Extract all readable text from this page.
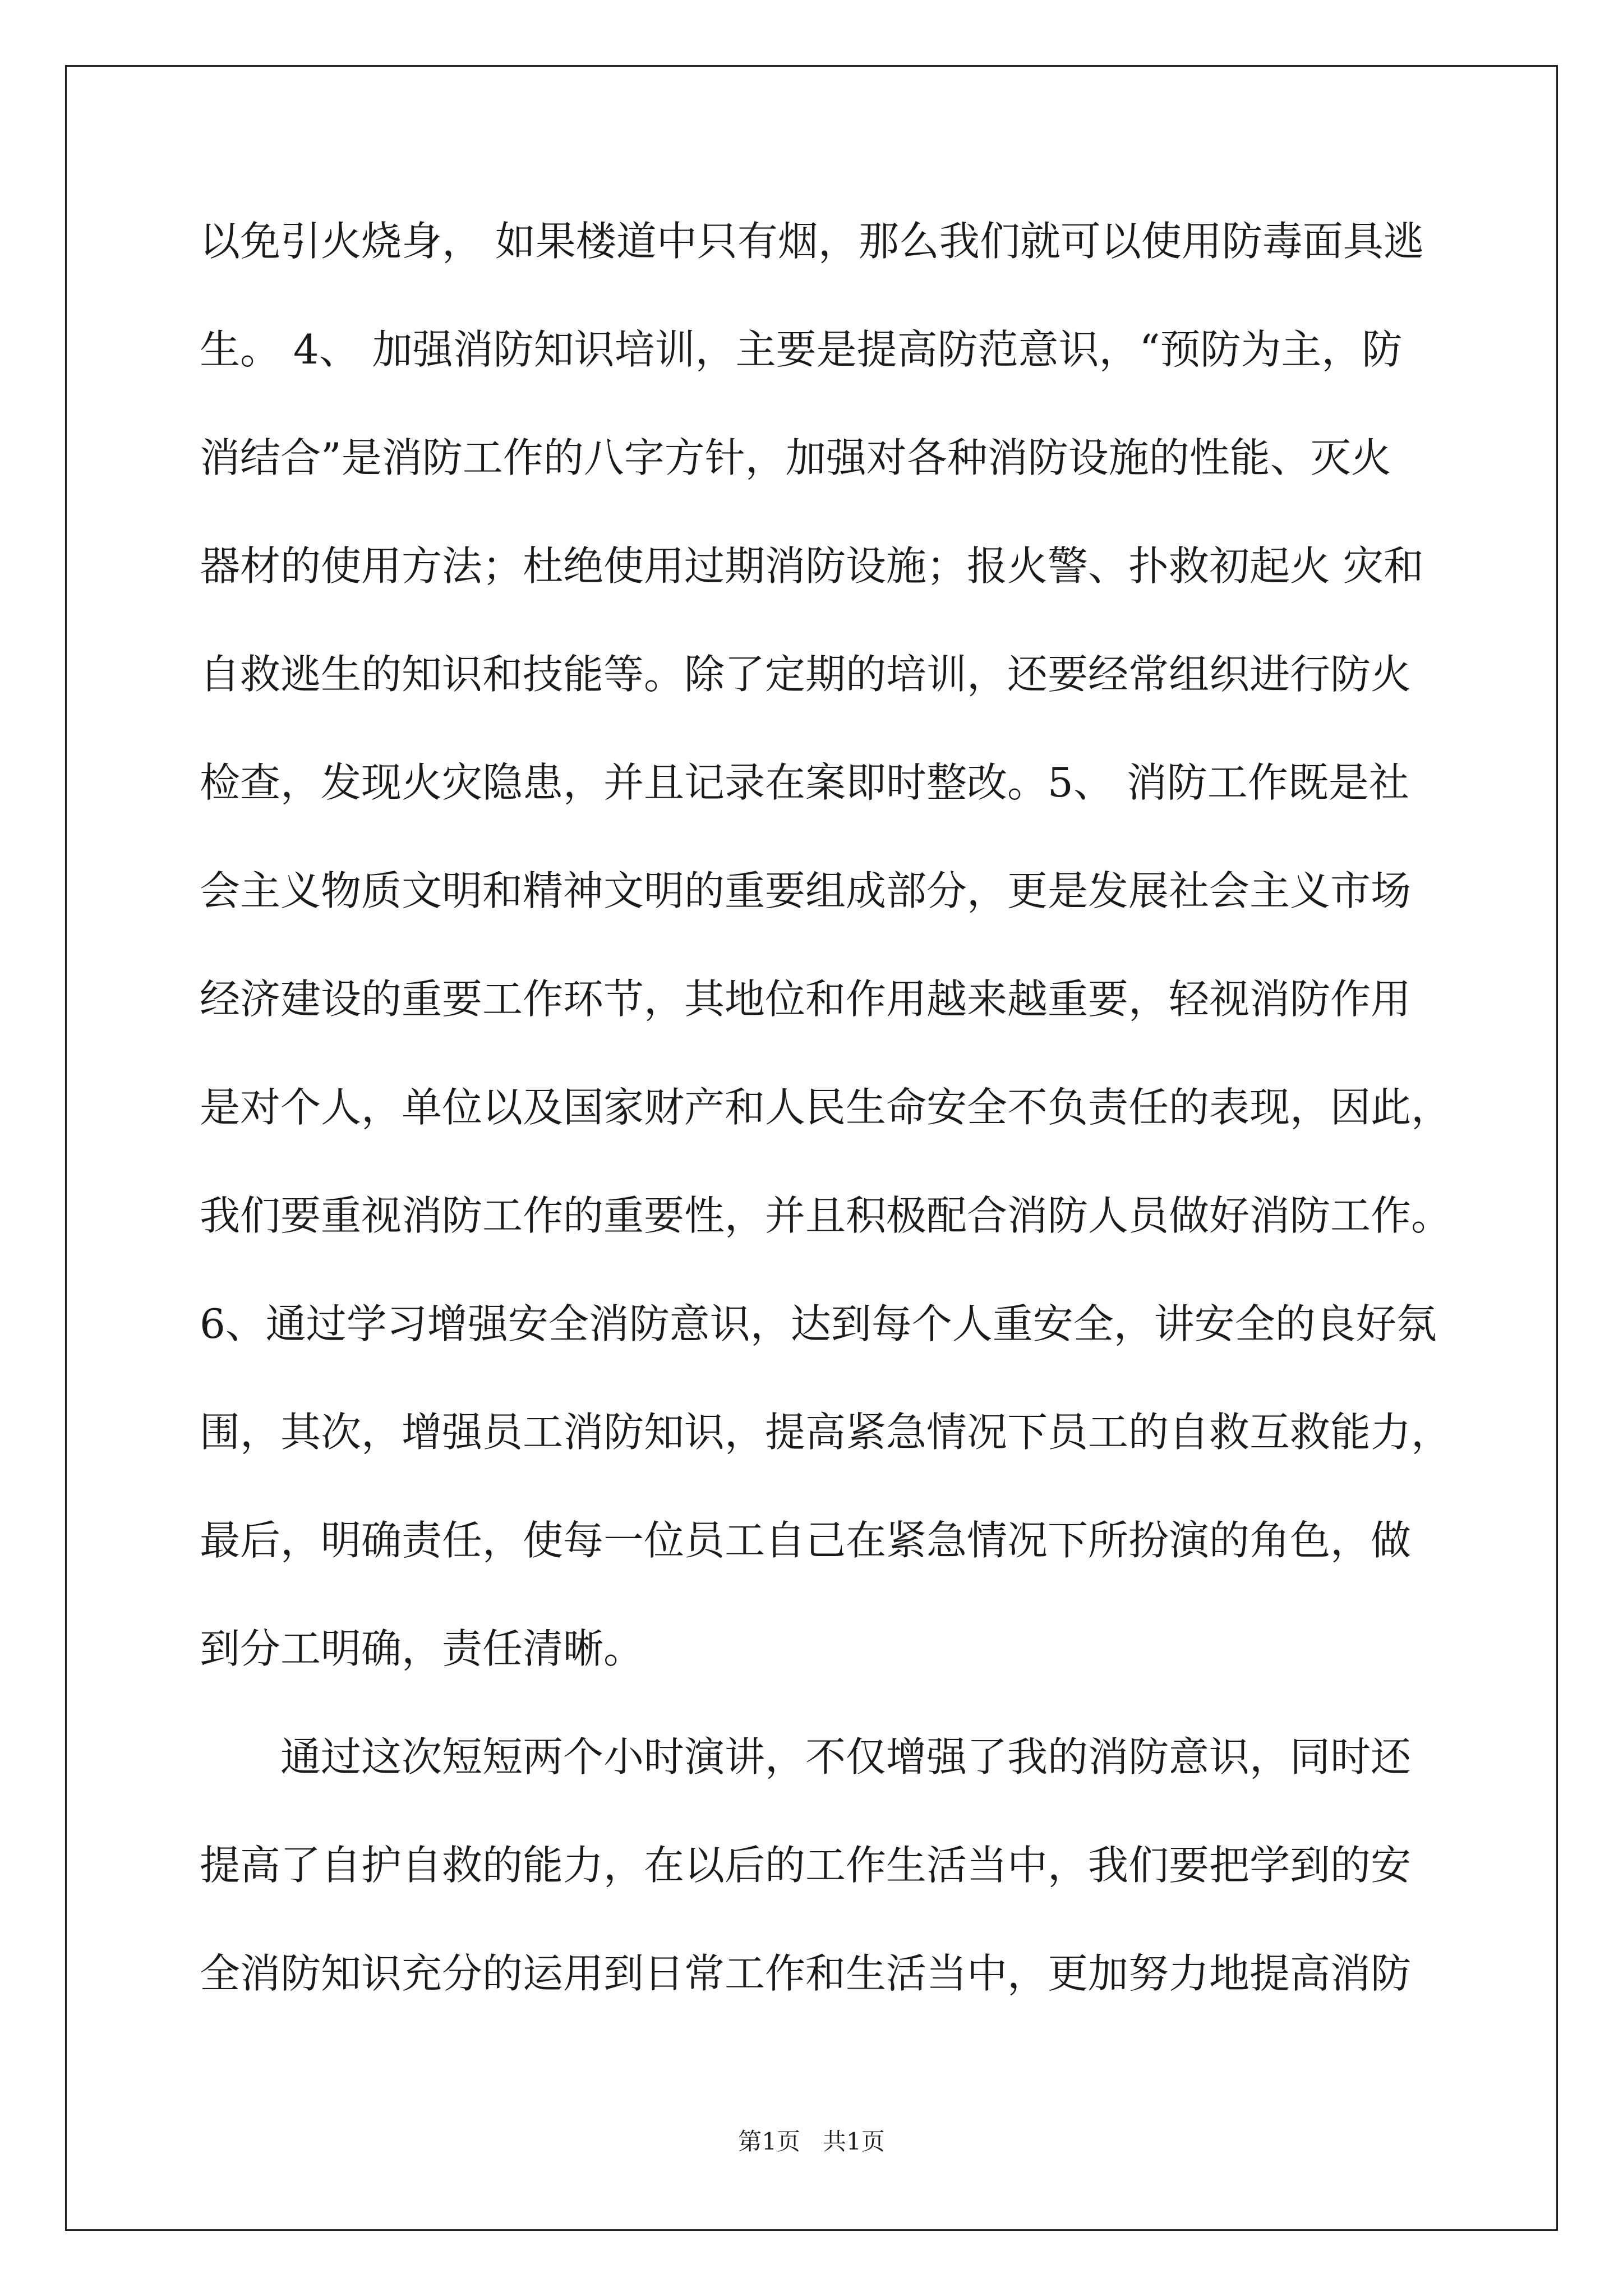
以免引火烧身， 如果楼道中只有烟，那么我们就可以使用防毒面具逃
生。 4、 加强消防知识培训，主要是提高防范意识，“预防为主，防
消结合”是消防工作的八字方针，加强对各种消防设施的性能、灭火
器材的使用方法；杜绝使用过期消防设施；报火警、扑救初起火 灾和
自救逃生的知识和技能等。除了定期的培训，还要经常组织进行防火
检查，发现火灾隐患，并且记录在案即时整改。5、 消防工作既是社
会主义物质文明和精神文明的重要组成部分，更是发展社会主义市场
经济建设的重要工作环节，其地位和作用越来越重要，轻视消防作用
是对个人，单位以及国家财产和人民生命安全不负责任的表现，因此，
我们要重视消防工作的重要性，并且积极配合消防人员做好消防工作。
6、通过学习增强安全消防意识，达到每个人重安全，讲安全的良好氛
围，其次，增强员工消防知识，提高紧急情况下员工的自救互救能力，
最后，明确责任，使每一位员工自己在紧急情况下所扮演的角色，做
到分工明确，责任清晰。
通过这次短短两个小时演讲，不仅增强了我的消防意识，同时还
提高了自护自救的能力，在以后的工作生活当中，我们要把学到的安
全消防知识充分的运用到日常工作和生活当中，更加努力地提高消防
第1页   共1页
